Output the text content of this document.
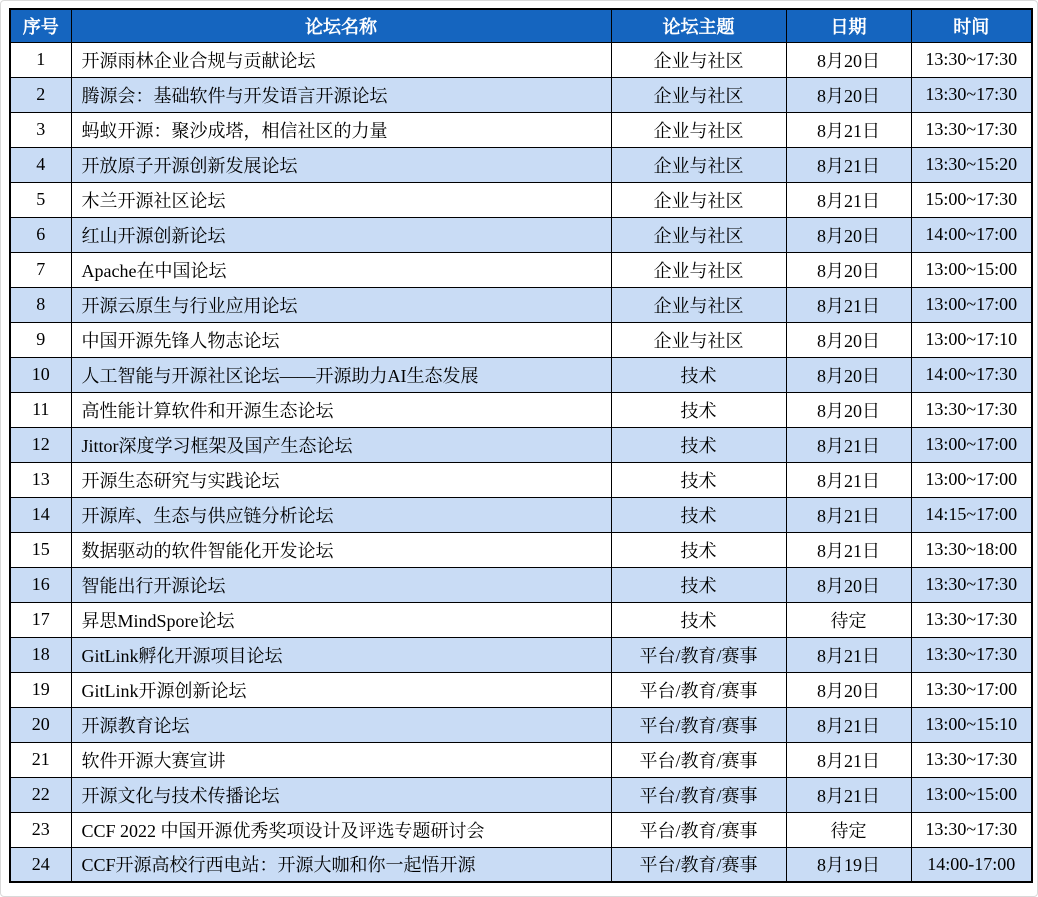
序号	论坛名称	论坛主题	日期	时间
1	开源雨林企业合规与贡献论坛	企业与社区	8月20日	13:30~17:30
2	腾源会：基础软件与开发语言开源论坛	企业与社区	8月20日	13:30~17:30
3	蚂蚁开源：聚沙成塔，相信社区的力量	企业与社区	8月21日	13:30~17:30
4	开放原子开源创新发展论坛	企业与社区	8月21日	13:30~15:20
5	木兰开源社区论坛	企业与社区	8月21日	15:00~17:30
6	红山开源创新论坛	企业与社区	8月20日	14:00~17:00
7	Apache在中国论坛	企业与社区	8月20日	13:00~15:00
8	开源云原生与行业应用论坛	企业与社区	8月21日	13:00~17:00
9	中国开源先锋人物志论坛	企业与社区	8月20日	13:00~17:10
10	人工智能与开源社区论坛——开源助力AI生态发展	技术	8月20日	14:00~17:30
11	高性能计算软件和开源生态论坛	技术	8月20日	13:30~17:30
12	Jittor深度学习框架及国产生态论坛	技术	8月21日	13:00~17:00
13	开源生态研究与实践论坛	技术	8月21日	13:00~17:00
14	开源库、生态与供应链分析论坛	技术	8月21日	14:15~17:00
15	数据驱动的软件智能化开发论坛	技术	8月21日	13:30~18:00
16	智能出行开源论坛	技术	8月20日	13:30~17:30
17	昇思MindSpore论坛	技术	待定	13:30~17:30
18	GitLink孵化开源项目论坛	平台/教育/赛事	8月21日	13:30~17:30
19	GitLink开源创新论坛	平台/教育/赛事	8月20日	13:30~17:00
20	开源教育论坛	平台/教育/赛事	8月21日	13:00~15:10
21	软件开源大赛宣讲	平台/教育/赛事	8月21日	13:30~17:30
22	开源文化与技术传播论坛	平台/教育/赛事	8月21日	13:00~15:00
23	CCF 2022 中国开源优秀奖项设计及评选专题研讨会	平台/教育/赛事	待定	13:30~17:30
24	CCF开源高校行西电站：开源大咖和你一起悟开源	平台/教育/赛事	8月19日	14:00-17:00
